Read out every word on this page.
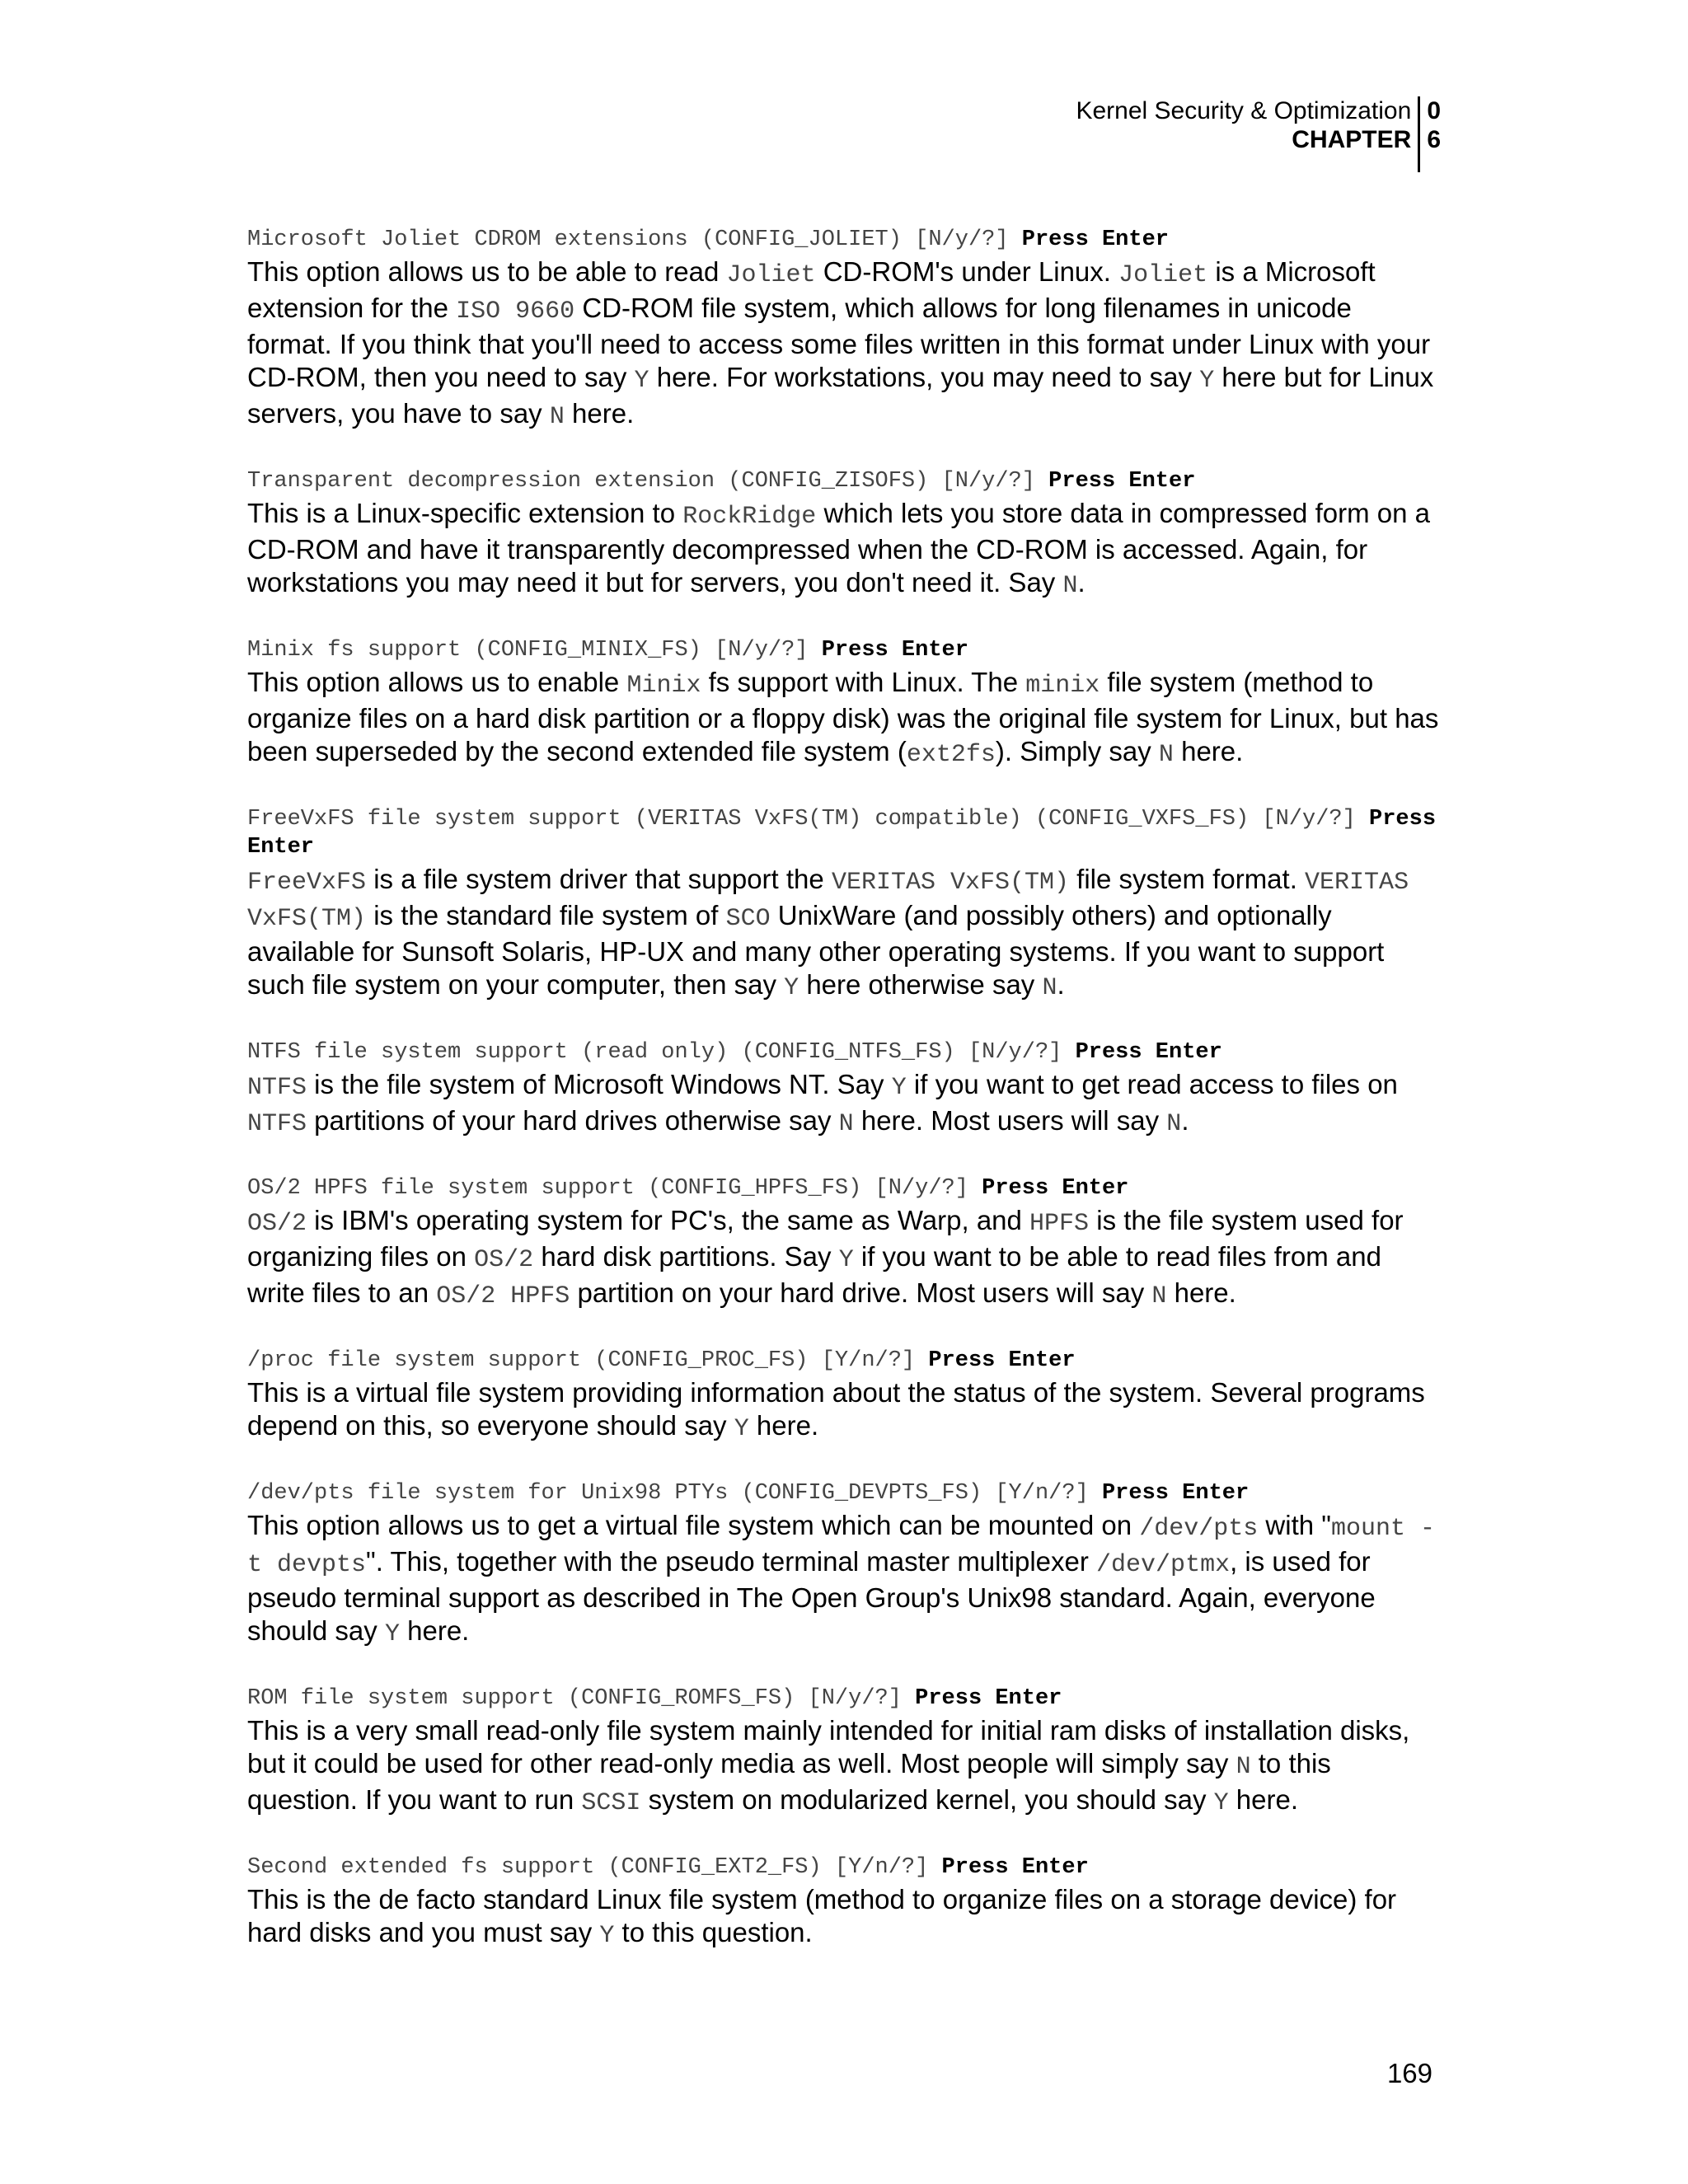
Kernel Security & Optimization
CHAPTER
0
6
Microsoft Joliet CDROM extensions (CONFIG_JOLIET) [N/y/?] Press Enter
This option allows us to be able to read Joliet CD-ROM's under Linux. Joliet is a Microsoft extension for the ISO 9660 CD-ROM file system, which allows for long filenames in unicode format. If you think that you'll need to access some files written in this format under Linux with your CD-ROM, then you need to say Y here. For workstations, you may need to say Y here but for Linux servers, you have to say N here.
Transparent decompression extension (CONFIG_ZISOFS) [N/y/?] Press Enter
This is a Linux-specific extension to RockRidge which lets you store data in compressed form on a CD-ROM and have it transparently decompressed when the CD-ROM is accessed. Again, for workstations you may need it but for servers, you don't need it. Say N.
Minix fs support (CONFIG_MINIX_FS) [N/y/?] Press Enter
This option allows us to enable Minix fs support with Linux. The minix file system (method to organize files on a hard disk partition or a floppy disk) was the original file system for Linux, but has been superseded by the second extended file system (ext2fs). Simply say N here.
FreeVxFS file system support (VERITAS VxFS(TM) compatible) (CONFIG_VXFS_FS) [N/y/?] Press Enter
FreeVxFS is a file system driver that support the VERITAS VxFS(TM) file system format. VERITAS VxFS(TM) is the standard file system of SCO UnixWare (and possibly others) and optionally available for Sunsoft Solaris, HP-UX and many other operating systems. If you want to support such file system on your computer, then say Y here otherwise say N.
NTFS file system support (read only) (CONFIG_NTFS_FS) [N/y/?] Press Enter
NTFS is the file system of Microsoft Windows NT. Say Y if you want to get read access to files on NTFS partitions of your hard drives otherwise say N here. Most users will say N.
OS/2 HPFS file system support (CONFIG_HPFS_FS) [N/y/?] Press Enter
OS/2 is IBM's operating system for PC's, the same as Warp, and HPFS is the file system used for organizing files on OS/2 hard disk partitions. Say Y if you want to be able to read files from and write files to an OS/2 HPFS partition on your hard drive. Most users will say N here.
/proc file system support (CONFIG_PROC_FS) [Y/n/?] Press Enter
This is a virtual file system providing information about the status of the system. Several programs depend on this, so everyone should say Y here.
/dev/pts file system for Unix98 PTYs (CONFIG_DEVPTS_FS) [Y/n/?] Press Enter
This option allows us to get a virtual file system which can be mounted on /dev/pts with "mount -t devpts". This, together with the pseudo terminal master multiplexer /dev/ptmx, is used for pseudo terminal support as described in The Open Group's Unix98 standard. Again, everyone should say Y here.
ROM file system support (CONFIG_ROMFS_FS) [N/y/?] Press Enter
This is a very small read-only file system mainly intended for initial ram disks of installation disks, but it could be used for other read-only media as well. Most people will simply say N to this question. If you want to run SCSI system on modularized kernel, you should say Y here.
Second extended fs support (CONFIG_EXT2_FS) [Y/n/?] Press Enter
This is the de facto standard Linux file system (method to organize files on a storage device) for hard disks and you must say Y to this question.
169
